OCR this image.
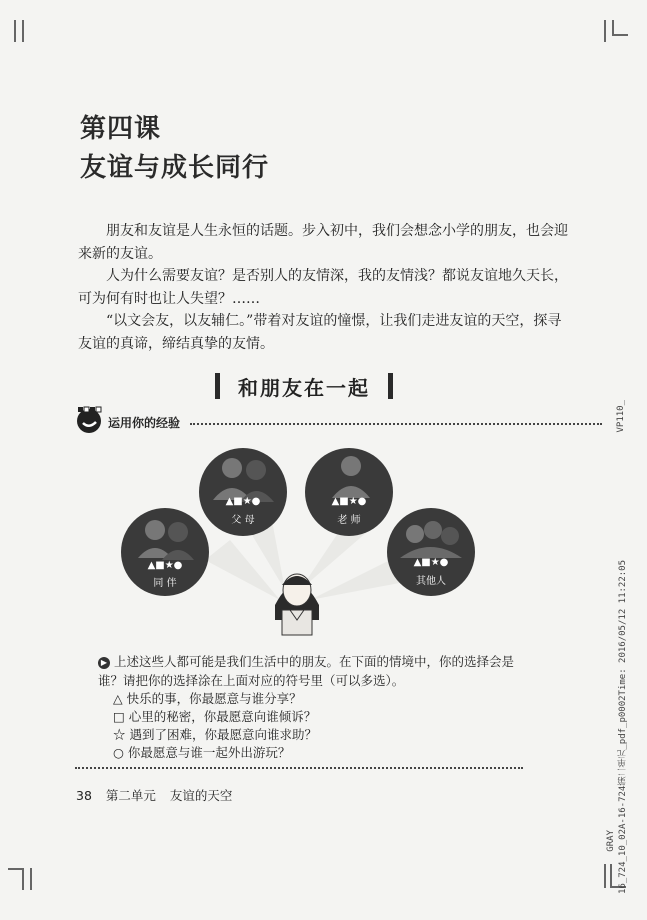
第四课
友谊与成长同行

朋友和友谊是人生永恒的话题。步入初中，我们会想念小学的朋友，也会迎来新的友谊。

人为什么需要友谊？是否别人的友情深，我的友情浅？都说友谊地久天长，可为何有时也让人失望？……

“以文会友，以友辅仁。”带着对友谊的憧憬，让我们走进友谊的天空，探寻友谊的真谛，缔结真挚的友情。

和朋友在一起
运用你的经验
▲■★●
同 伴
▲■★●
父 母
▲■★●
老 师
▲■★●
其他人
▶ 上述这些人都可能是我们生活中的朋友。在下面的情境中，你的选择会是谁？请把你的选择涂在上面对应的符号里（可以多选）。
△ 快乐的事，你最愿意与谁分享？
□ 心里的秘密，你最愿意向谁倾诉？
☆ 遇到了困难，你最愿意向谁求助？
○ 你最愿意与谁一起外出游玩？
38 第二单元 友谊的天空
VP110_
16_724_10_02A-16-724第二单元_pdf_p0002Time: 2016/05/12 11:22:05
GRAY
